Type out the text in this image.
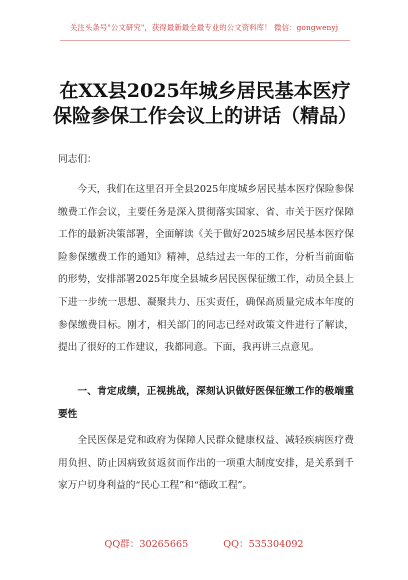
关注头条号"公文研究"，获得最新最全最专业的公文资料库！ 微信：gongwenyj
在XX县2025年城乡居民基本医疗保险参保工作会议上的讲话（精品）

同志们：

今天，我们在这里召开全县2025年度城乡居民基本医疗保险参保缴费工作会议，主要任务是深入贯彻落实国家、省、市关于医疗保障工作的最新决策部署，全面解读《关于做好2025城乡居民基本医疗保险参保缴费工作的通知》精神，总结过去一年的工作，分析当前面临的形势，安排部署2025年度全县城乡居民医保征缴工作，动员全县上下进一步统一思想、凝聚共力、压实责任，确保高质量完成本年度的参保缴费目标。刚才，相关部门的同志已经对政策文件进行了解读，提出了很好的工作建议，我都同意。下面，我再讲三点意见。

一、肯定成绩，正视挑战，深刻认识做好医保征缴工作的极端重要性

全民医保是党和政府为保障人民群众健康权益、减轻疾病医疗费用负担、防止因病致贫返贫而作出的一项重大制度安排，是关系到千家万户切身利益的“民心工程”和“德政工程”。

QQ群：30265665	QQ：535304092
